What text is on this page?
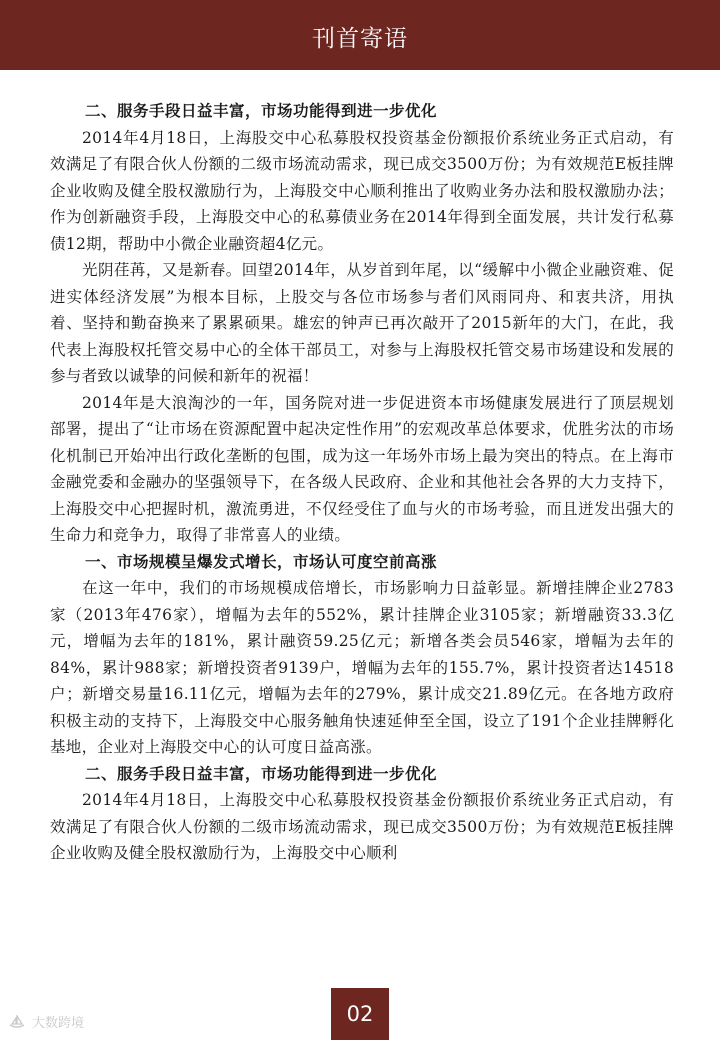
刊首寄语

二、服务手段日益丰富，市场功能得到进一步优化

2014年4月18日，上海股交中心私募股权投资基金份额报价系统业务正式启动，有效满足了有限合伙人份额的二级市场流动需求，现已成交3500万份；为有效规范E板挂牌企业收购及健全股权激励行为，上海股交中心顺利推出了收购业务办法和股权激励办法；作为创新融资手段，上海股交中心的私募债业务在2014年得到全面发展，共计发行私募债12期，帮助中小微企业融资超4亿元。

光阴荏苒，又是新春。回望2014年，从岁首到年尾，以“缓解中小微企业融资难、促进实体经济发展”为根本目标，上股交与各位市场参与者们风雨同舟、和衷共济，用执着、坚持和勤奋换来了累累硕果。雄宏的钟声已再次敲开了2015新年的大门，在此，我代表上海股权托管交易中心的全体干部员工，对参与上海股权托管交易市场建设和发展的参与者致以诚挚的问候和新年的祝福！

2014年是大浪淘沙的一年，国务院对进一步促进资本市场健康发展进行了顶层规划部署，提出了“让市场在资源配置中起决定性作用”的宏观改革总体要求，优胜劣汰的市场化机制已开始冲出行政化垄断的包围，成为这一年场外市场上最为突出的特点。在上海市金融党委和金融办的坚强领导下，在各级人民政府、企业和其他社会各界的大力支持下，上海股交中心把握时机，激流勇进，不仅经受住了血与火的市场考验，而且迸发出强大的生命力和竞争力，取得了非常喜人的业绩。

一、市场规模呈爆发式增长，市场认可度空前高涨

在这一年中，我们的市场规模成倍增长，市场影响力日益彰显。新增挂牌企业2783家（2013年476家），增幅为去年的552%，累计挂牌企业3105家；新增融资33.3亿元，增幅为去年的181%，累计融资59.25亿元；新增各类会员546家，增幅为去年的84%，累计988家；新增投资者9139户，增幅为去年的155.7%，累计投资者达14518户；新增交易量16.11亿元，增幅为去年的279%，累计成交21.89亿元。在各地方政府积极主动的支持下，上海股交中心服务触角快速延伸至全国，设立了191个企业挂牌孵化基地，企业对上海股交中心的认可度日益高涨。

二、服务手段日益丰富，市场功能得到进一步优化

2014年4月18日，上海股交中心私募股权投资基金份额报价系统业务正式启动，有效满足了有限合伙人份额的二级市场流动需求，现已成交3500万份；为有效规范E板挂牌企业收购及健全股权激励行为，上海股交中心顺利

大数跨境	02
